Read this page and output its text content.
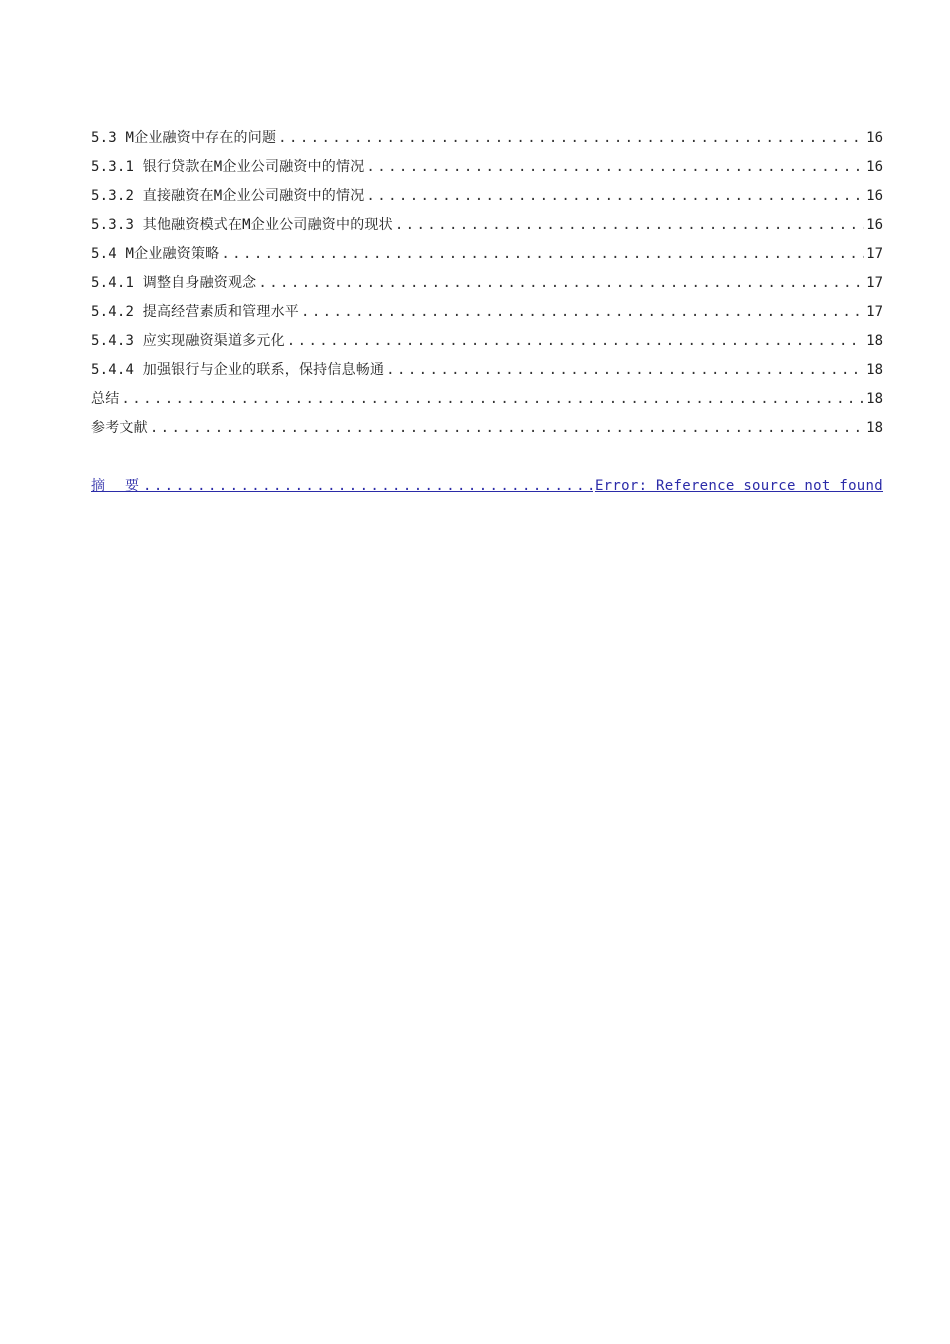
5.3 M企业融资中存在的问题 .....	16
5.3.1 银行贷款在M企业公司融资中的情况 .....	16
5.3.2 直接融资在M企业公司融资中的情况 .....	16
5.3.3 其他融资模式在M企业公司融资中的现状 .....	16
5.4 M企业融资策略 .....	17
5.4.1 调整自身融资观念 .....	17
5.4.2 提高经营素质和管理水平 .....	17
5.4.3 应实现融资渠道多元化 .....	18
5.4.4 加强银行与企业的联系，保持信息畅通 .....	18
总结 .....	18
参考文献 .....	18
摘要 .....	Error: Reference source not found
